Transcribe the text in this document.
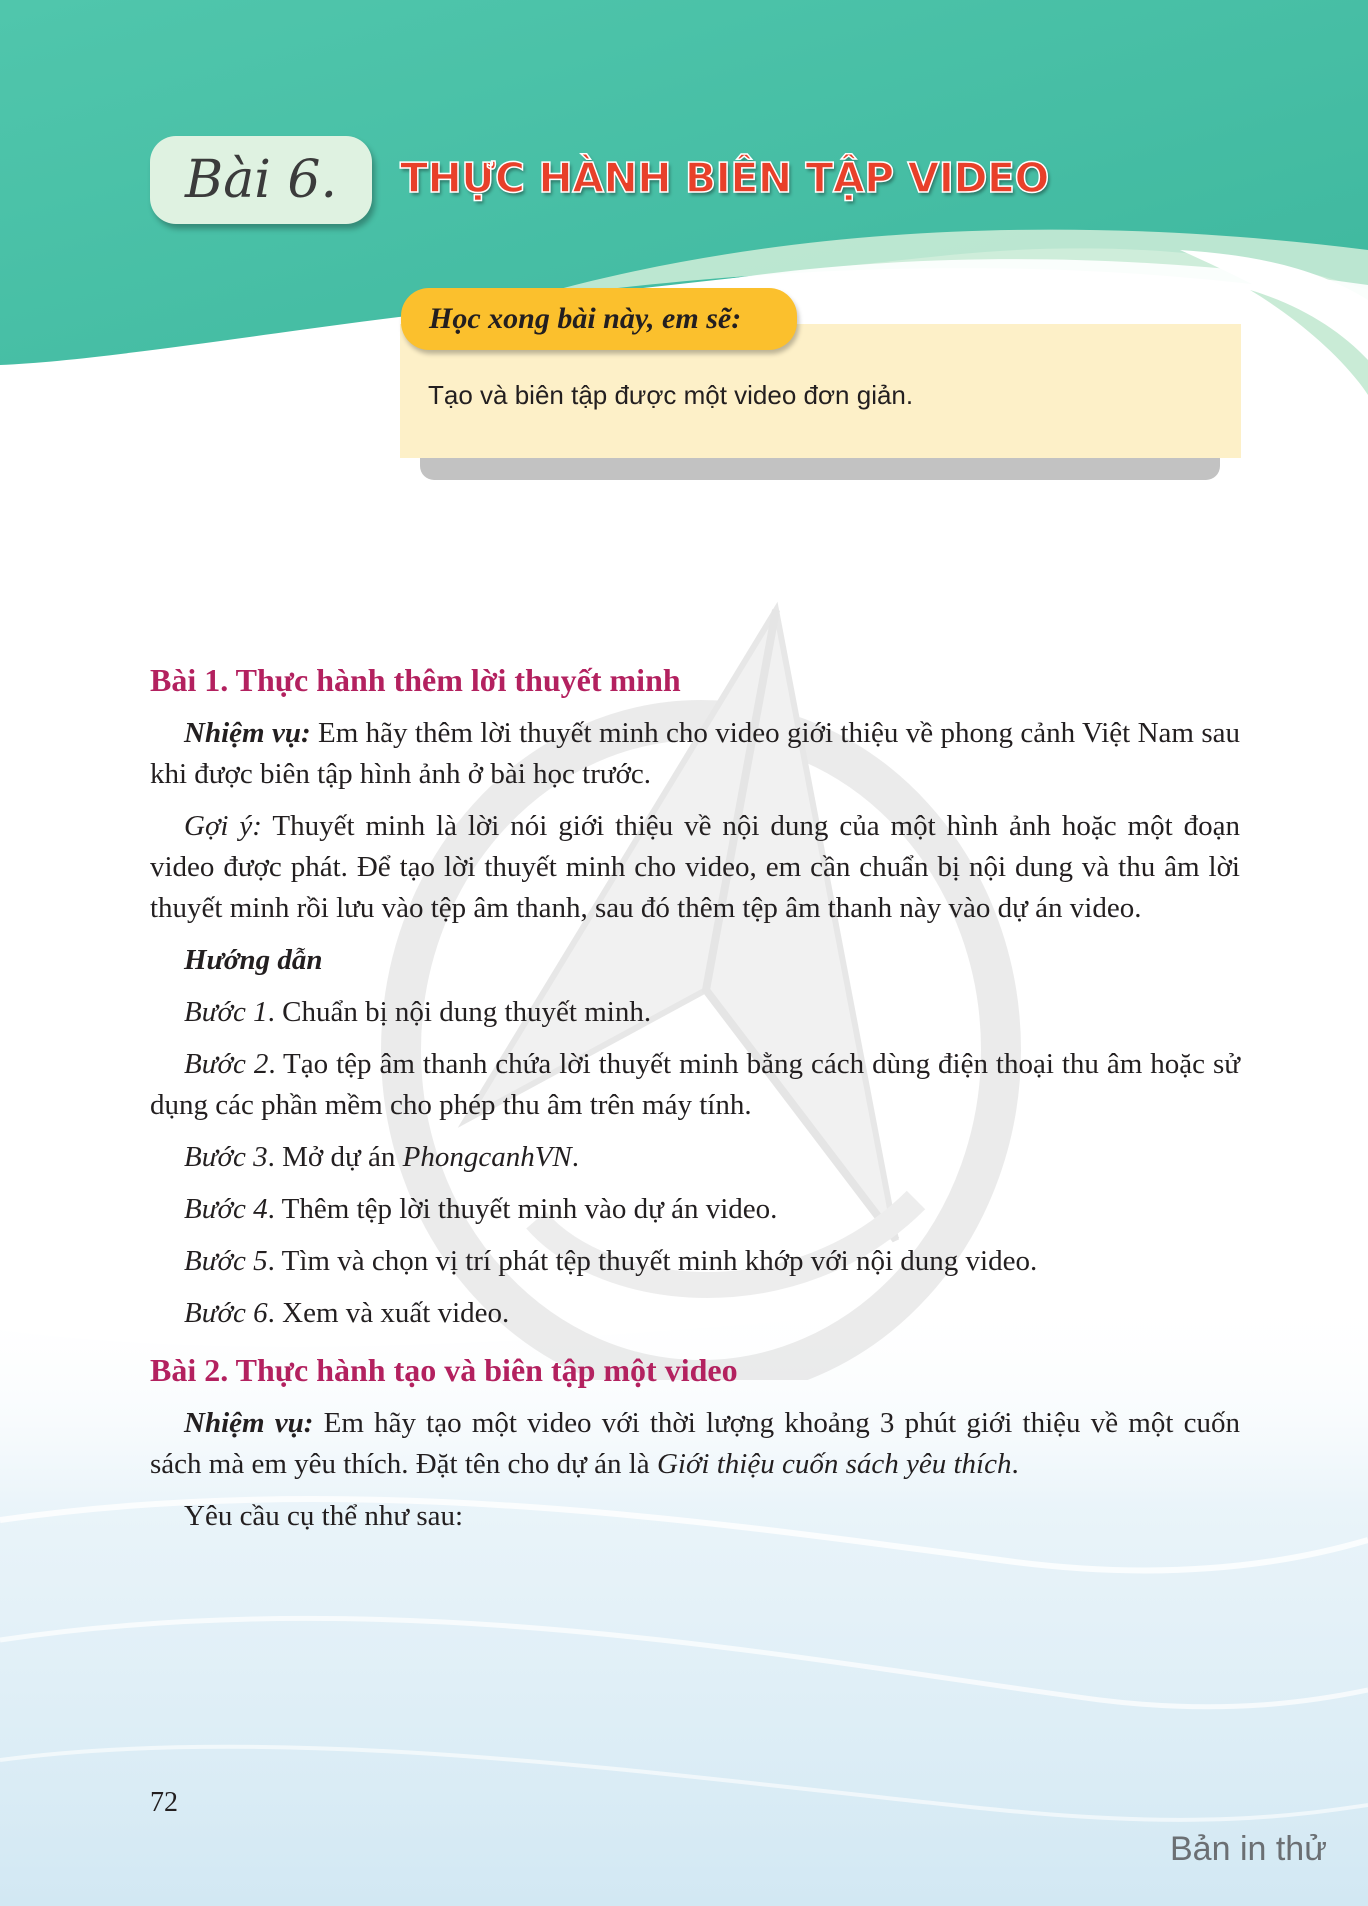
Bài 6.	THỰC HÀNH BIÊN TẬP VIDEO
Học xong bài này, em sẽ:
Tạo và biên tập được một video đơn giản.

Bài 1. Thực hành thêm lời thuyết minh

Nhiệm vụ: Em hãy thêm lời thuyết minh cho video giới thiệu về phong cảnh Việt Nam sau khi được biên tập hình ảnh ở bài học trước.

Gợi ý: Thuyết minh là lời nói giới thiệu về nội dung của một hình ảnh hoặc một đoạn video được phát. Để tạo lời thuyết minh cho video, em cần chuẩn bị nội dung và thu âm lời thuyết minh rồi lưu vào tệp âm thanh, sau đó thêm tệp âm thanh này vào dự án video.

Hướng dẫn

Bước 1. Chuẩn bị nội dung thuyết minh.

Bước 2. Tạo tệp âm thanh chứa lời thuyết minh bằng cách dùng điện thoại thu âm hoặc sử dụng các phần mềm cho phép thu âm trên máy tính.

Bước 3. Mở dự án PhongcanhVN.

Bước 4. Thêm tệp lời thuyết minh vào dự án video.

Bước 5. Tìm và chọn vị trí phát tệp thuyết minh khớp với nội dung video.

Bước 6. Xem và xuất video.

Bài 2. Thực hành tạo và biên tập một video

Nhiệm vụ: Em hãy tạo một video với thời lượng khoảng 3 phút giới thiệu về một cuốn sách mà em yêu thích. Đặt tên cho dự án là Giới thiệu cuốn sách yêu thích.

Yêu cầu cụ thể như sau:

72
Bản in thử
